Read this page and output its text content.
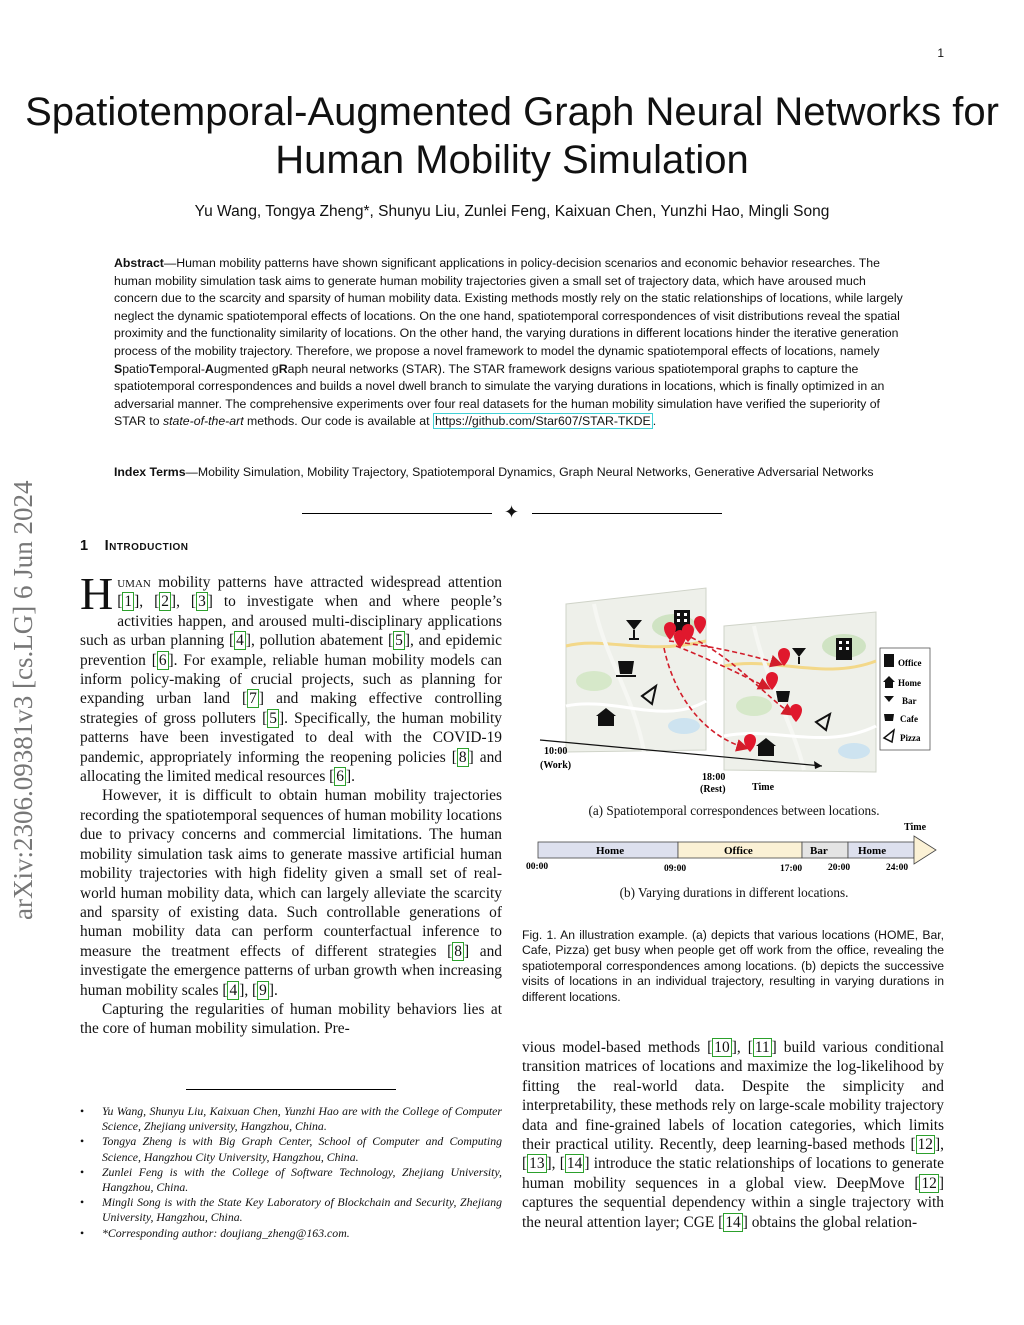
1
Spatiotemporal-Augmented Graph Neural Networks for Human Mobility Simulation
Yu Wang, Tongya Zheng*, Shunyu Liu, Zunlei Feng, Kaixuan Chen, Yunzhi Hao, Mingli Song
arXiv:2306.09381v3 [cs.LG] 6 Jun 2024
Abstract—Human mobility patterns have shown significant applications in policy-decision scenarios and economic behavior researches. The human mobility simulation task aims to generate human mobility trajectories given a small set of trajectory data, which have aroused much concern due to the scarcity and sparsity of human mobility data. Existing methods mostly rely on the static relationships of locations, while largely neglect the dynamic spatiotemporal effects of locations. On the one hand, spatiotemporal correspondences of visit distributions reveal the spatial proximity and the functionality similarity of locations. On the other hand, the varying durations in different locations hinder the iterative generation process of the mobility trajectory. Therefore, we propose a novel framework to model the dynamic spatiotemporal effects of locations, namely SpatioTemporal-Augmented gRaph neural networks (STAR). The STAR framework designs various spatiotemporal graphs to capture the spatiotemporal correspondences and builds a novel dwell branch to simulate the varying durations in locations, which is finally optimized in an adversarial manner. The comprehensive experiments over four real datasets for the human mobility simulation have verified the superiority of STAR to state-of-the-art methods. Our code is available at https://github.com/Star607/STAR-TKDE .
Index Terms—Mobility Simulation, Mobility Trajectory, Spatiotemporal Dynamics, Graph Neural Networks, Generative Adversarial Networks
✦
1 Introduction

Human mobility patterns have attracted widespread attention [ 1 ], [ 2 ], [ 3 ] to investigate when and where people’s activities happen, and aroused multi-disciplinary applications such as urban planning [ 4 ], pollution abatement [ 5 ], and epidemic prevention [ 6 ]. For example, reliable human mobility models can inform policy-making of crucial projects, such as planning for expanding urban land [ 7 ] and making effective controlling strategies of gross polluters [ 5 ]. Specifically, the human mobility patterns have been investigated to deal with the COVID-19 pandemic, appropriately informing the reopening policies [ 8 ] and allocating the limited medical resources [ 6 ].

However, it is difficult to obtain human mobility trajectories recording the spatiotemporal sequences of human mobility locations due to privacy concerns and commercial limitations. The human mobility simulation task aims to generate massive artificial human mobility trajectories with high fidelity given a small set of real-world human mobility data, which can largely alleviate the scarcity and sparsity of existing data. Such controllable generations of human mobility data can perform counterfactual inference to measure the treatment effects of different strategies [ 8 ] and investigate the emergence patterns of urban growth when increasing human mobility scales [ 4 ], [ 9 ].

Capturing the regularities of human mobility behaviors lies at the core of human mobility simulation. Pre-

• Yu Wang, Shunyu Liu, Kaixuan Chen, Yunzhi Hao are with the College of Computer Science, Zhejiang university, Hangzhou, China.
• Tongya Zheng is with Big Graph Center, School of Computer and Computing Science, Hangzhou City University, Hangzhou, China.
• Zunlei Feng is with the College of Software Technology, Zhejiang University, Hangzhou, China.
• Mingli Song is with the State Key Laboratory of Blockchain and Security, Zhejiang University, Hangzhou, China.
• *Corresponding author: doujiang_zheng@163.com.
Office
Home
Bar
Cafe
Pizza
10:00
(Work)
18:00
(Rest)	Time
Time
Home	Office	Bar	Home
00:00	09:00	17:00	20:00	24:00
(a) Spatiotemporal correspondences between locations.
(b) Varying durations in different locations.
Fig. 1. An illustration example. (a) depicts that various locations (HOME, Bar, Cafe, Pizza) get busy when people get off work from the office, revealing the spatiotemporal correspondences among locations. (b) depicts the successive visits of locations in an individual trajectory, resulting in varying durations in different locations.

vious model-based methods [ 10 ], [ 11 ] build various conditional transition matrices of locations and maximize the log-likelihood by fitting the real-world data. Despite the simplicity and interpretability, these methods rely on large-scale mobility trajectory data and fine-grained labels of location categories, which limits their practical utility. Recently, deep learning-based methods [ 12 ], [ 13 ], [ 14 ] introduce the static relationships of locations to generate human mobility sequences in a global view. DeepMove [ 12 ] captures the sequential dependency within a single trajectory with the neural attention layer; CGE [ 14 ] obtains the global relation-
